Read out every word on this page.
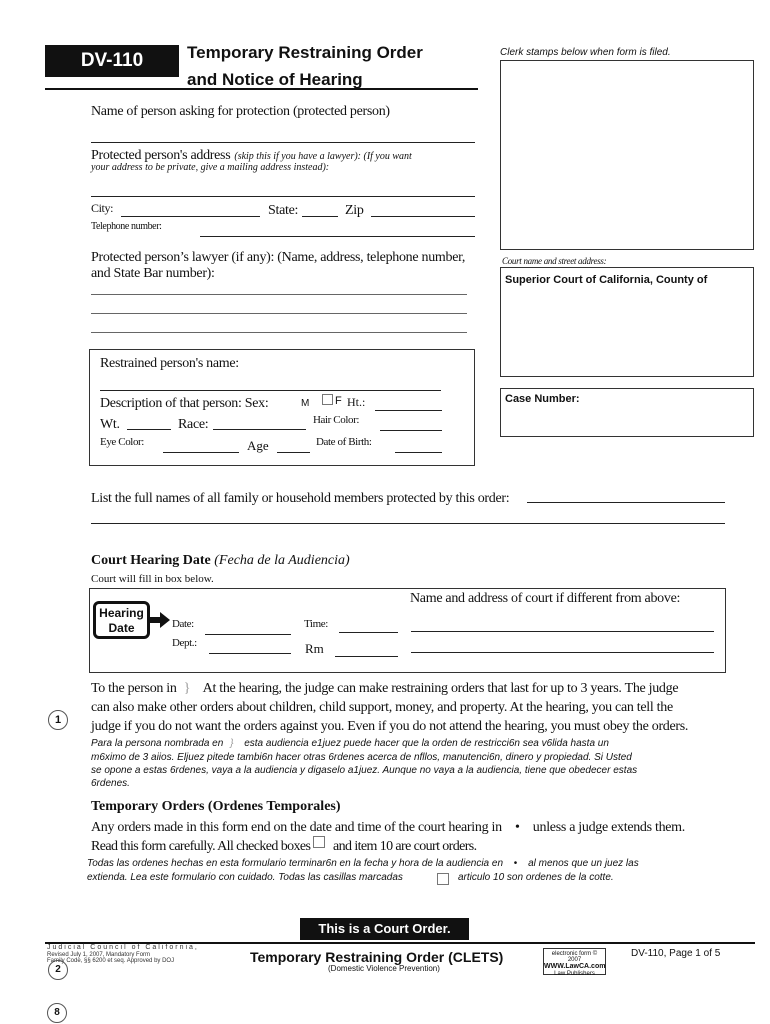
DV-110	Temporary Restraining Order
and Notice of Hearing
Clerk stamps below when form is filed.
Name of person asking for protection (protected person)
Protected person's address (skip this if you have a lawyer): (If you want
your address to be private, give a mailing address instead):
City:	State:	Zip
Telephone number:
Protected person’s lawyer (if any): (Name, address, telephone number,
and State Bar number):
Court name and street address:
Superior Court of California, County of
Case Number:
Restrained person's name:
Description of that person: Sex:	M F Ht.:
Wt.	Race:	Hair Color:
Eye Color:	Age	Date of Birth:
List the full names of all family or household members protected by this order:
Court Hearing Date (Fecha de la Audiencia)
Court will fill in box below.
Hearing
Date	Date:	Time:
Dept.:	Rm
Name and address of court if different from above:
1
To the person in } At the hearing, the judge can make restraining orders that last for up to 3 years. The judge
can also make other orders about children, child support, money, and property. At the hearing, you can tell the
judge if you do not want the orders against you. Even if you do not attend the hearing, you must obey the orders.
Para la persona nombrada en } esta audiencia e1juez puede hacer que la orden de restricci6n sea v6lida hasta un
m6ximo de 3 aiios. Eljuez pitede tambi6n hacer otras 6rdenes acerca de nfllos, manutenci6n, dinero y propiedad. Si Usted
se opone a estas 6rdenes, vaya a la audiencia y digaselo a1juez. Aunque no vaya a la audiencia, tiene que obedecer estas
6rdenes.
Temporary Orders (Ordenes Temporales)
Any orders made in this form end on the date and time of the court hearing in • unless a judge extends them.
Read this form carefully. All checked boxes and item 10 are court orders.
Todas las ordenes hechas en esta formulario terminar6n en la fecha y hora de la audiencia en • al menos que un juez las
extienda. Lea este formulario con cuidado. Todas las casillas marcadas	articulo 10 son ordenes de la cotte.
This is a Court Order.
Judicial Council of California,
Revised July 1, 2007, Mandatory Form
Family Code, §§ 6200 et seq. Approved by DOJ
2
Temporary Restraining Order (CLETS)
(Domestic Violence Prevention)
electronic form ©
2007
WWW.LawCA.com
Law Publishers
DV-110, Page 1 of 5
8
